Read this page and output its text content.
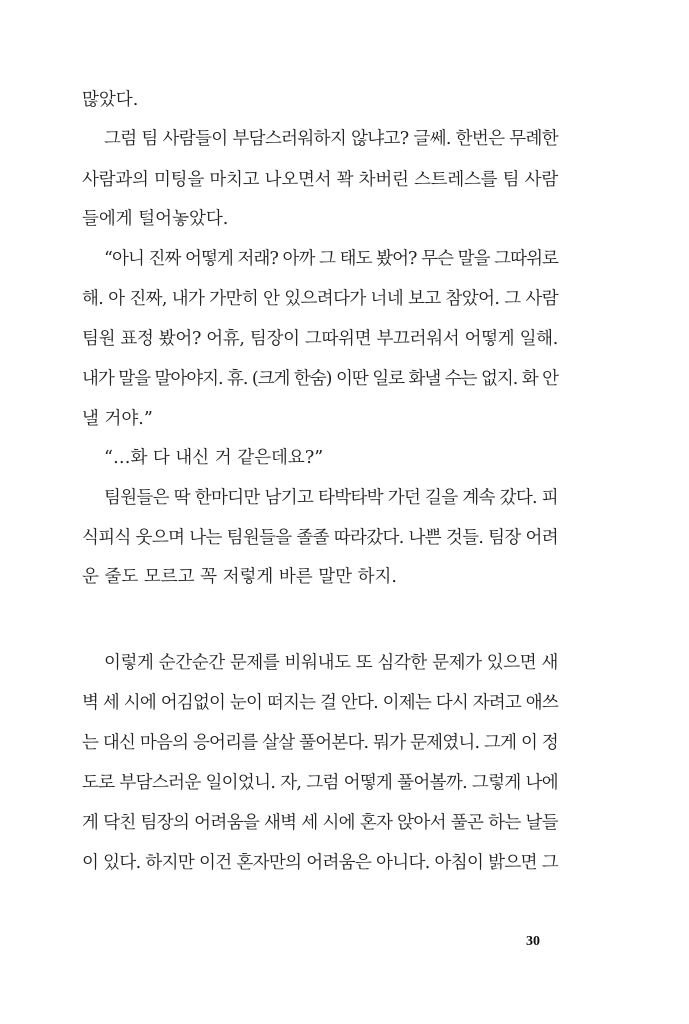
많았다.
그럼 팀 사람들이 부담스러워하지 않냐고? 글쎄. 한번은 무례한
사람과의 미팅을 마치고 나오면서 꽉 차버린 스트레스를 팀 사람
들에게 털어놓았다.
“아니 진짜 어떻게 저래? 아까 그 태도 봤어? 무슨 말을 그따위로
해. 아 진짜, 내가 가만히 안 있으려다가 너네 보고 참았어. 그 사람
팀원 표정 봤어? 어휴, 팀장이 그따위면 부끄러워서 어떻게 일해.
내가 말을 말아야지. 휴. (크게 한숨) 이딴 일로 화낼 수는 없지. 화 안
낼 거야.”
“…화 다 내신 거 같은데요?”
팀원들은 딱 한마디만 남기고 타박타박 가던 길을 계속 갔다. 피
식피식 웃으며 나는 팀원들을 졸졸 따라갔다. 나쁜 것들. 팀장 어려
운 줄도 모르고 꼭 저렇게 바른 말만 하지.
이렇게 순간순간 문제를 비워내도 또 심각한 문제가 있으면 새
벽 세 시에 어김없이 눈이 떠지는 걸 안다. 이제는 다시 자려고 애쓰
는 대신 마음의 응어리를 살살 풀어본다. 뭐가 문제였니. 그게 이 정
도로 부담스러운 일이었니. 자, 그럼 어떻게 풀어볼까. 그렇게 나에
게 닥친 팀장의 어려움을 새벽 세 시에 혼자 앉아서 풀곤 하는 날들
이 있다. 하지만 이건 혼자만의 어려움은 아니다. 아침이 밝으면 그
30
